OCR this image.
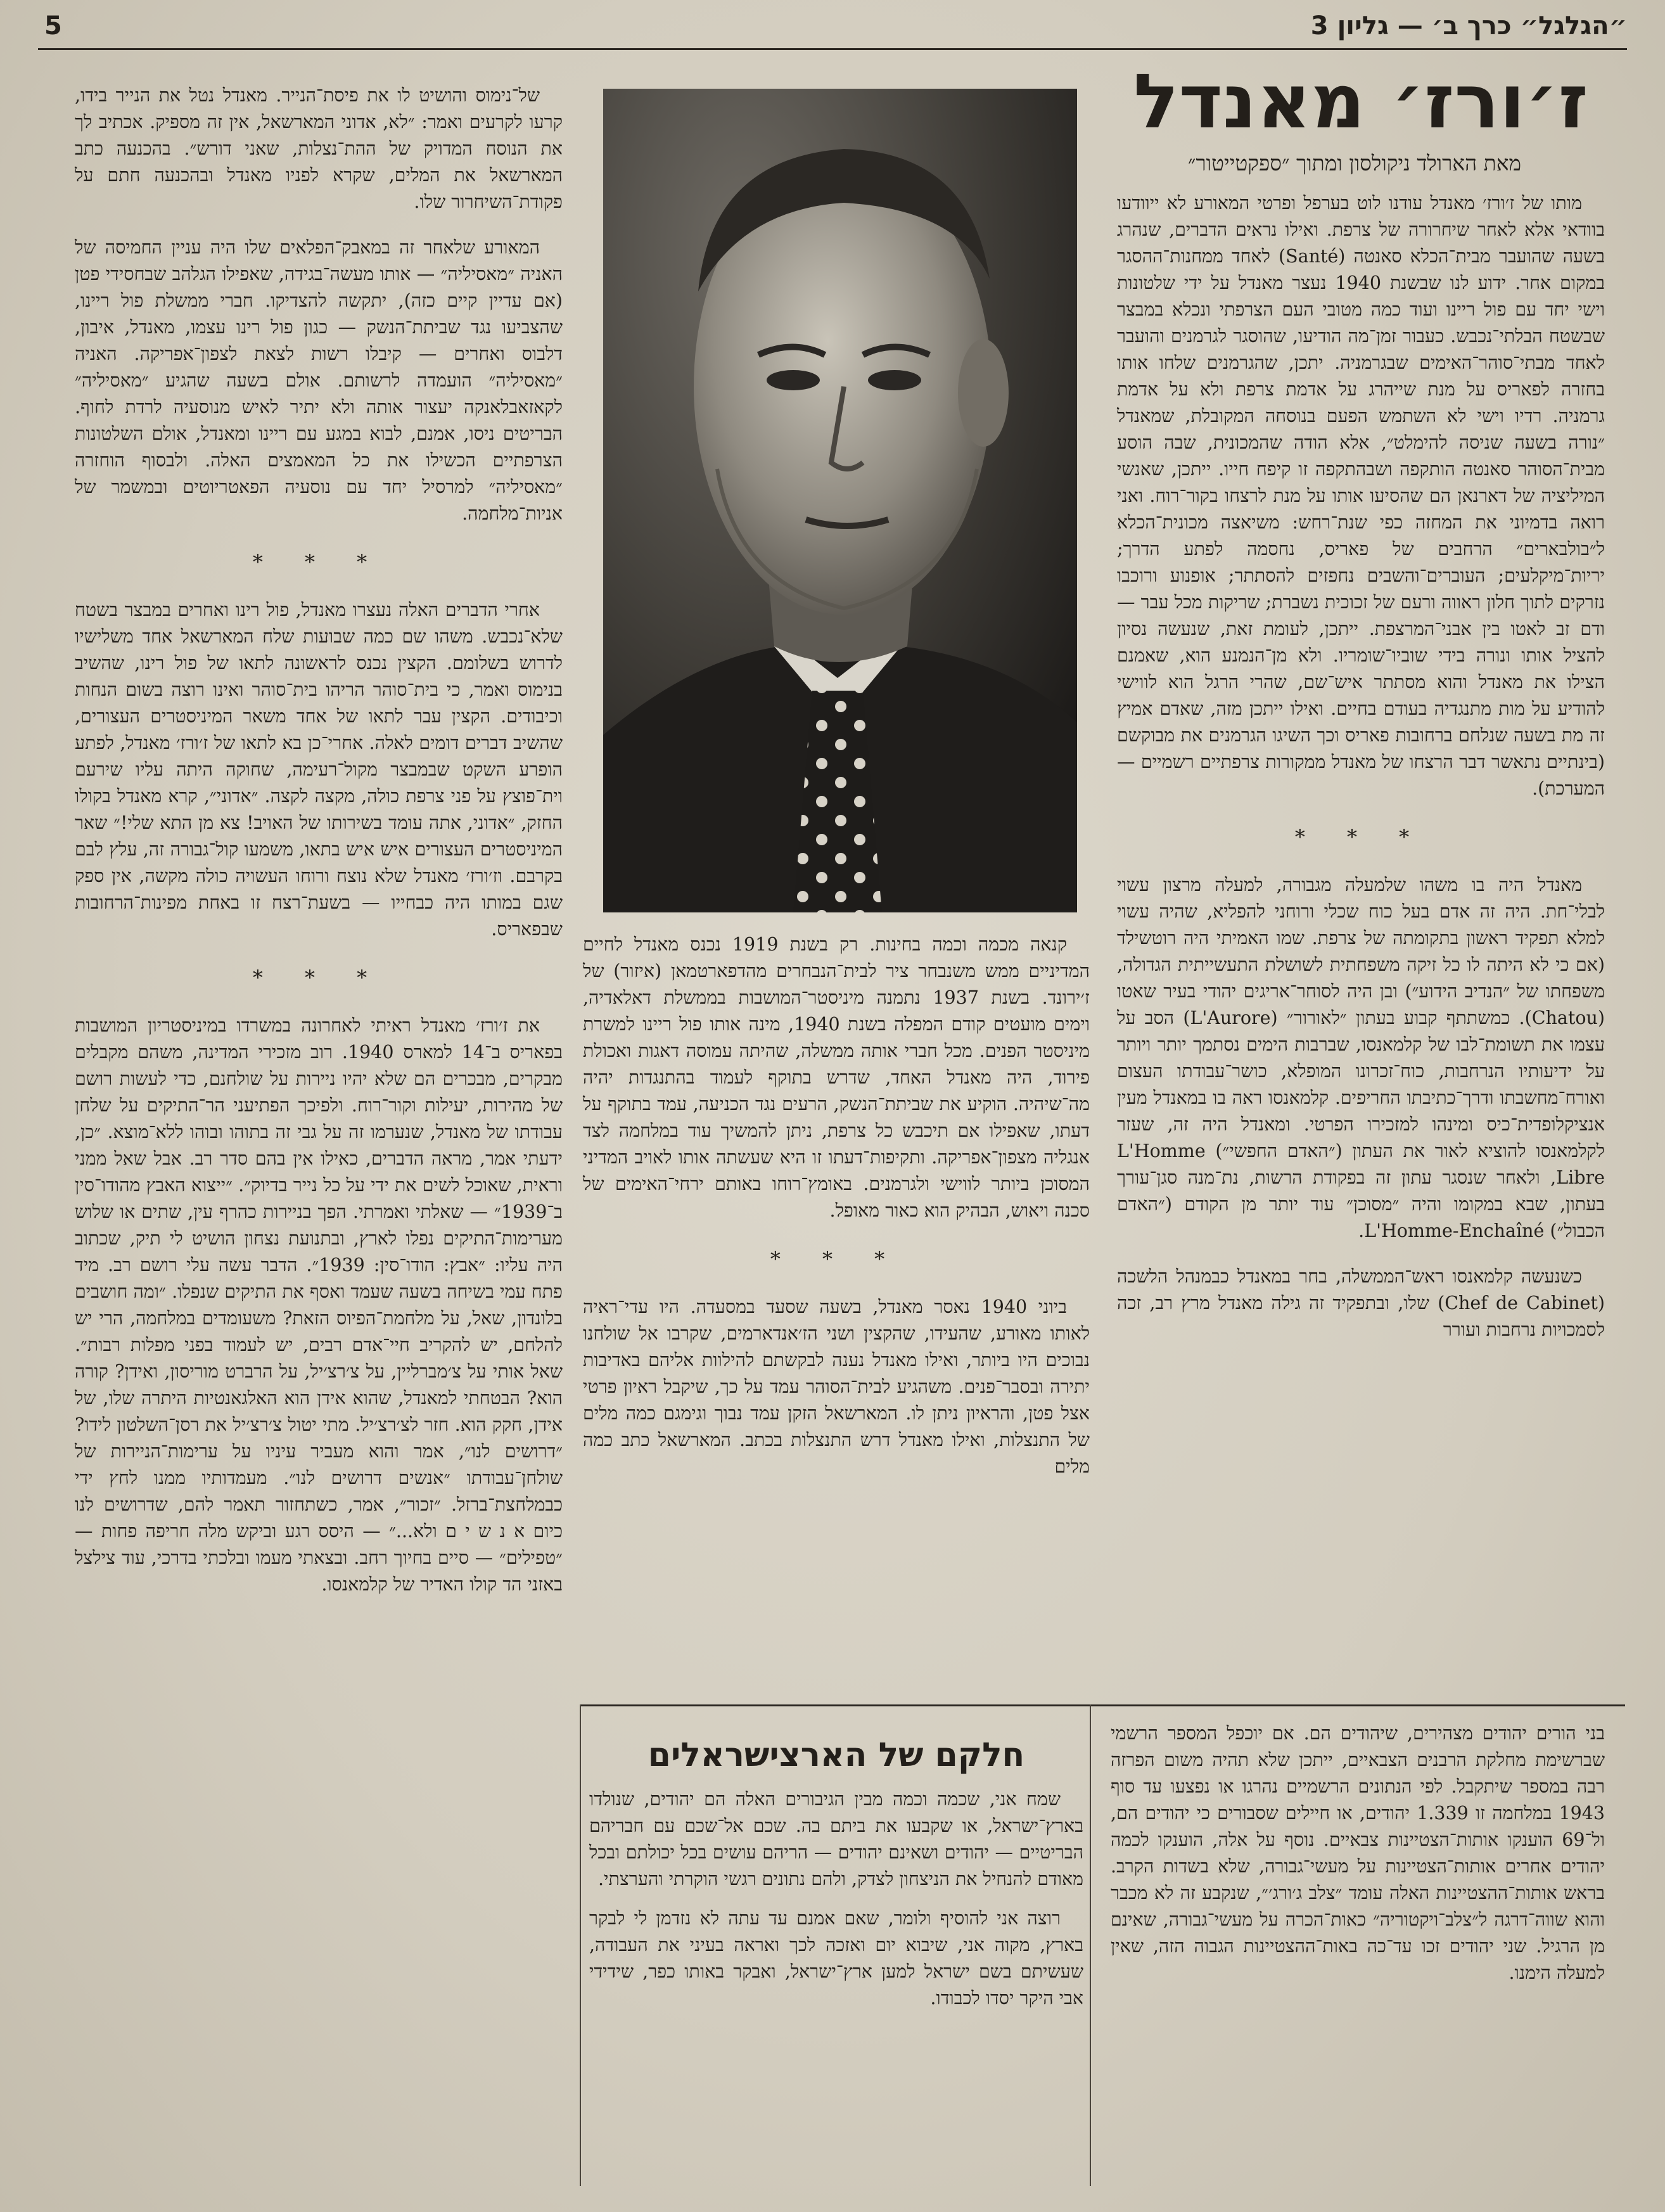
״הגלגל״ כרך ב׳ — גליון 3
5
ז׳ורז׳ מאנדל
מאת הארולד ניקולסון ומתוך ״ספקטייטור״

מותו של ז׳ורז׳ מאנדל עודנו לוט בערפל ופרטי המאורע לא ייוודעו בוודאי אלא לאחר שיחרורה של צרפת. ואילו נראים הדברים, שנהרג בשעה שהועבר מבית־הכלא סאנטה (Santé) לאחד ממחנות־ההסגר במקום אחר. ידוע לנו שבשנת 1940 נעצר מאנדל על ידי שלטונות וישי יחד עם פול ריינו ועוד כמה מטובי העם הצרפתי ונכלא במבצר שבשטח הבלתי־נכבש. כעבור זמן־מה הודיעו, שהוסגר לגרמנים והועבר לאחד מבתי־סוהר־האימים שבגרמניה. יתכן, שהגרמנים שלחו אותו בחזרה לפאריס על מנת שייהרג על אדמת צרפת ולא על אדמת גרמניה. רדיו וישי לא השתמש הפעם בנוסחה המקובלת, שמאנדל ״נורה בשעה שניסה להימלט״, אלא הודה שהמכונית, שבה הוסע מבית־הסוהר סאנטה הותקפה ושבהתקפה זו קיפח חייו. ייתכן, שאנשי המיליציה של דארנאן הם שהסיעו אותו על מנת לרצחו בקור־רוח. ואני רואה בדמיוני את המחזה כפי שנת־רחש: משיאצה מכונית־הכלא ל״בולבארים״ הרחבים של פאריס, נחסמה לפתע הדרך; יריות־מיקלעים; העוברים־והשבים נחפזים להסתתר; אופנוע ורוכבו נזרקים לתוך חלון ראווה ורעם של זכוכית נשברת; שריקות מכל עבר — ודם זב לאטו בין אבני־המרצפת. ייתכן, לעומת זאת, שנעשה נסיון להציל אותו ונורה בידי שוביו־שומריו. ולא מן־הנמנע הוא, שאמנם הצילו את מאנדל והוא מסתתר איש־שם, שהרי הרגל הוא לווישי להודיע על מות מתנגדיה בעודם בחיים. ואילו ייתכן מזה, שאדם אמיץ זה מת בשעה שנלחם ברחובות פאריס וכך השיגו הגרמנים את מבוקשם (בינתיים נתאשר דבר הרצחו של מאנדל ממקורות צרפתיים רשמיים — המערכת).

* * *

מאנדל היה בו משהו שלמעלה מגבורה, למעלה מרצון עשוי לבלי־חת. היה זה אדם בעל כוח שכלי ורוחני להפליא, שהיה עשוי למלא תפקיד ראשון בתקומתה של צרפת. שמו האמיתי היה רוטשילד (אם כי לא היתה לו כל זיקה משפחתית לשושלת התעשייתית הגדולה, משפחתו של ״הנדיב הידוע״) ובן היה לסוחר־אריגים יהודי בעיר שאטו (Chatou). כמשתתף קבוע בעתון ״לאורור״ (L'Aurore) הסב על עצמו את תשומת־לבו של קלמאנסו, שברבות הימים נסתמך יותר ויותר על ידיעותיו הנרחבות, כוח־זכרונו המופלא, כושר־עבודתו העצום ואורח־מחשבתו ודרך־כתיבתו החריפים. קלמאנסו ראה בו במאנדל מעין אנציקלופדית־כיס ומינהו למזכירו הפרטי. ומאנדל היה זה, שעזר לקלמאנסו להוציא לאור את העתון (״האדם החפשי״) L'Homme Libre, ולאחר שנסגר עתון זה בפקודת הרשות, נת־מנה סגן־עורך בעתון, שבא במקומו והיה ״מסוכן״ עוד יותר מן הקודם (״האדם הכבול״) L'Homme-Enchaîné.

כשנעשה קלמאנסו ראש־הממשלה, בחר במאנדל כבמנהל הלשכה (Chef de Cabinet) שלו, ובתפקיד זה גילה מאנדל מרץ רב, זכה לסמכויות נרחבות ועורר

קנאה מכמה וכמה בחינות. רק בשנת 1919 נכנס מאנדל לחיים המדיניים ממש משנבחר ציר לבית־הנבחרים מהדפארטמאן (איזור) של ז׳ירונד. בשנת 1937 נתמנה מיניסטר־המושבות בממשלת דאלאדיה, וימים מועטים קודם המפלה בשנת 1940, מינה אותו פול ריינו למשרת מיניסטר הפנים. מכל חברי אותה ממשלה, שהיתה עמוסה דאגות ואכולת פירוד, היה מאנדל האחד, שדרש בתוקף לעמוד בהתנגדות יהיה מה־שיהיה. הוקיע את שביתת־הנשק, הרעים נגד הכניעה, עמד בתוקף על דעתו, שאפילו אם תיכבש כל צרפת, ניתן להמשיך עוד במלחמה לצד אנגליה מצפון־אפריקה. ותקיפות־דעתו זו היא שעשתה אותו לאויב המדיני המסוכן ביותר לווישי ולגרמנים. באומץ־רוחו באותם ירחי־האימים של סכנה ויאוש, הבהיק הוא כאור מאופל.

* * *

ביוני 1940 נאסר מאנדל, בשעה שסעד במסעדה. היו עדי־ראיה לאותו מאורע, שהעידו, שהקצין ושני הז׳אנדארמים, שקרבו אל שולחנו נבוכים היו ביותר, ואילו מאנדל נענה לבקשתם להילוות אליהם באדיבות יתירה ובסבר־פנים. משהגיע לבית־הסוהר עמד על כך, שיקבל ראיון פרטי אצל פטן, והראיון ניתן לו. המארשאל הזקן עמד נבוך וגימגם כמה מלים של התנצלות, ואילו מאנדל דרש התנצלות בכתב. המארשאל כתב כמה מלים

של־נימוס והושיט לו את פיסת־הנייר. מאנדל נטל את הנייר בידו, קרעו לקרעים ואמר: ״לא, אדוני המארשאל, אין זה מספיק. אכתיב לך את הנוסח המדויק של ההת־נצלות, שאני דורש״. בהכנעה כתב המארשאל את המלים, שקרא לפניו מאנדל ובהכנעה חתם על פקודת־השיחרור שלו.

המאורע שלאחר זה במאבק־הפלאים שלו היה עניין החמיסה של האניה ״מאסיליה״ — אותו מעשה־בגידה, שאפילו הגלהב שבחסידי פטן (אם עדיין קיים כזה), יתקשה להצדיקו. חברי ממשלת פול ריינו, שהצביעו נגד שביתת־הנשק — כגון פול רינו עצמו, מאנדל, איבון, דלבוס ואחרים — קיבלו רשות לצאת לצפון־אפריקה. האניה ״מאסיליה״ הועמדה לרשותם. אולם בשעה שהגיע ״מאסיליה״ לקאזאבלאנקה יעצור אותה ולא יתיר לאיש מנוסעיה לרדת לחוף. הבריטים ניסו, אמנם, לבוא במגע עם ריינו ומאנדל, אולם השלטונות הצרפתיים הכשילו את כל המאמצים האלה. ולבסוף הוחזרה ״מאסיליה״ למרסיל יחד עם נוסעיה הפאטריוטים ובמשמר של אניות־מלחמה.

* * *

אחרי הדברים האלה נעצרו מאנדל, פול רינו ואחרים במבצר בשטח שלא־נכבש. משהו שם כמה שבועות שלח המארשאל אחד משלישיו לדרוש בשלומם. הקצין נכנס לראשונה לתאו של פול רינו, שהשיב בנימוס ואמר, כי בית־סוהר הריהו בית־סוהר ואינו רוצה בשום הנחות וכיבודים. הקצין עבר לתאו של אחד משאר המיניסטרים העצורים, שהשיב דברים דומים לאלה. אחרי־כן בא לתאו של ז׳ורז׳ מאנדל, לפתע הופרע השקט שבמבצר מקול־רעימה, שחוקה היתה עליו שירעם וית־פוצץ על פני צרפת כולה, מקצה לקצה. ״אדוני״, קרא מאנדל בקולו החזק, ״אדוני, אתה עומד בשירותו של האויב! צא מן התא שלי!״ שאר המיניסטרים העצורים איש איש בתאו, משמעו קול־גבורה זה, עלץ לבם בקרבם. וז׳ורז׳ מאנדל שלא נוצח ורוחו העשויה כולה מקשה, אין ספק שגם במותו היה כבחייו — בשעת־רצח זו באחת מפינות־הרחובות שבפאריס.

* * *

את ז׳ורז׳ מאנדל ראיתי לאחרונה במשרדו במיניסטריון המושבות בפאריס ב־14 למארס 1940. רוב מזכירי המדינה, משהם מקבלים מבקרים, מבכרים הם שלא יהיו ניירות על שולחנם, כדי לעשות רושם של מהירות, יעילות וקור־רוח. ולפיכך הפתיעני הר־התיקים על שלחן עבודתו של מאנדל, שנערמו זה על גבי זה בתוהו ובוהו ללא־מוצא. ״כן, ידעתי אמר, מראה הדברים, כאילו אין בהם סדר רב. אבל שאל ממני וראית, שאוכל לשים את ידי על כל נייר בדיוק״. ״ייצוא האבץ מהודו־סין ב־1939״ — שאלתי ואמרתי. הפך בניירות כהרף עין, שתים או שלוש מערימות־התיקים נפלו לארץ, ובתנועת נצחון הושיט לי תיק, שכתוב היה עליו: ״אבץ: הודו־סין: 1939״. הדבר עשה עלי רושם רב. מיד פתח עמי בשיחה בשעה שעמד ואסף את התיקים שנפלו. ״ומה חושבים בלונדון, שאל, על מלחמת־הפיוס הזאת? משעומדים במלחמה, הרי יש להלחם, יש להקריב חיי־אדם רבים, יש לעמוד בפני מפלות רבות״. שאל אותי על צ׳מברליין, על צ׳רצ׳יל, על הרברט מוריסון, ואידן? קורה הוא? הבטחתי למאנדל, שהוא אידן הוא האלגאנטיות היתרה שלו, של אידן, חקק הוא. חזר לצ׳רצ׳יל. מתי יטול צ׳רצ׳יל את רסן־השלטון לידו? ״דרושים לנו״, אמר והוא מעביר עיניו על ערימות־הניירות של שולחן־עבודתו ״אנשים דרושים לנו״. מעמדותיו ממנו לחץ ידי כבמלחצת־ברזל. ״זכור״, אמר, כשתחזור תאמר להם, שדרושים לנו כיום א נ ש י ם ולא...״ — היסס רגע וביקש מלה חריפה פחות — ״טפילים״ — סיים בחיוך רחב. ובצאתי מעמו ובלכתי בדרכי, עוד צילצל באזני הד קולו האדיר של קלמאנסו.

בני הורים יהודים מצהירים, שיהודים הם. אם יוכפל המספר הרשמי שברשימת מחלקת הרבנים הצבאיים, ייתכן שלא תהיה משום הפרזה רבה במספר שיתקבל. לפי הנתונים הרשמיים נהרגו או נפצעו עד סוף 1943 במלחמה זו 1.339 יהודים, או חיילים שסבורים כי יהודים הם, ול־69 הוענקו אותות־הצטיינות צבאיים. נוסף על אלה, הוענקו לכמה יהודים אחרים אותות־הצטיינות על מעשי־גבורה, שלא בשדות הקרב. בראש אותות־ההצטיינות האלה עומד ״צלב ג׳ורג׳״, שנקבע זה לא מכבר והוא שווה־דרגה ל״צלב־ויקטוריה״ כאות־הכרה על מעשי־גבורה, שאינם מן הרגיל. שני יהודים זכו עד־כה באות־ההצטיינות הגבוה הזה, שאין למעלה הימנו.

חלקם של הארצישראלים

שמח אני, שכמה וכמה מבין הגיבורים האלה הם יהודים, שנולדו בארץ־ישראל, או שקבעו את ביתם בה. שכם אל־שכם עם חבריהם הבריטיים — יהודים ושאינם יהודים — הריהם עושים בכל יכולתם ובכל מאודם להנחיל את הניצחון לצדק, ולהם נתונים רגשי הוקרתי והערצתי.

רוצה אני להוסיף ולומר, שאם אמנם עד עתה לא נזדמן לי לבקר בארץ, מקוה אני, שיבוא יום ואזכה לכך ואראה בעיני את העבודה, שעשיתם בשם ישראל למען ארץ־ישראל, ואבקר באותו כפר, שידידי אבי היקר יסדו לכבודו.
